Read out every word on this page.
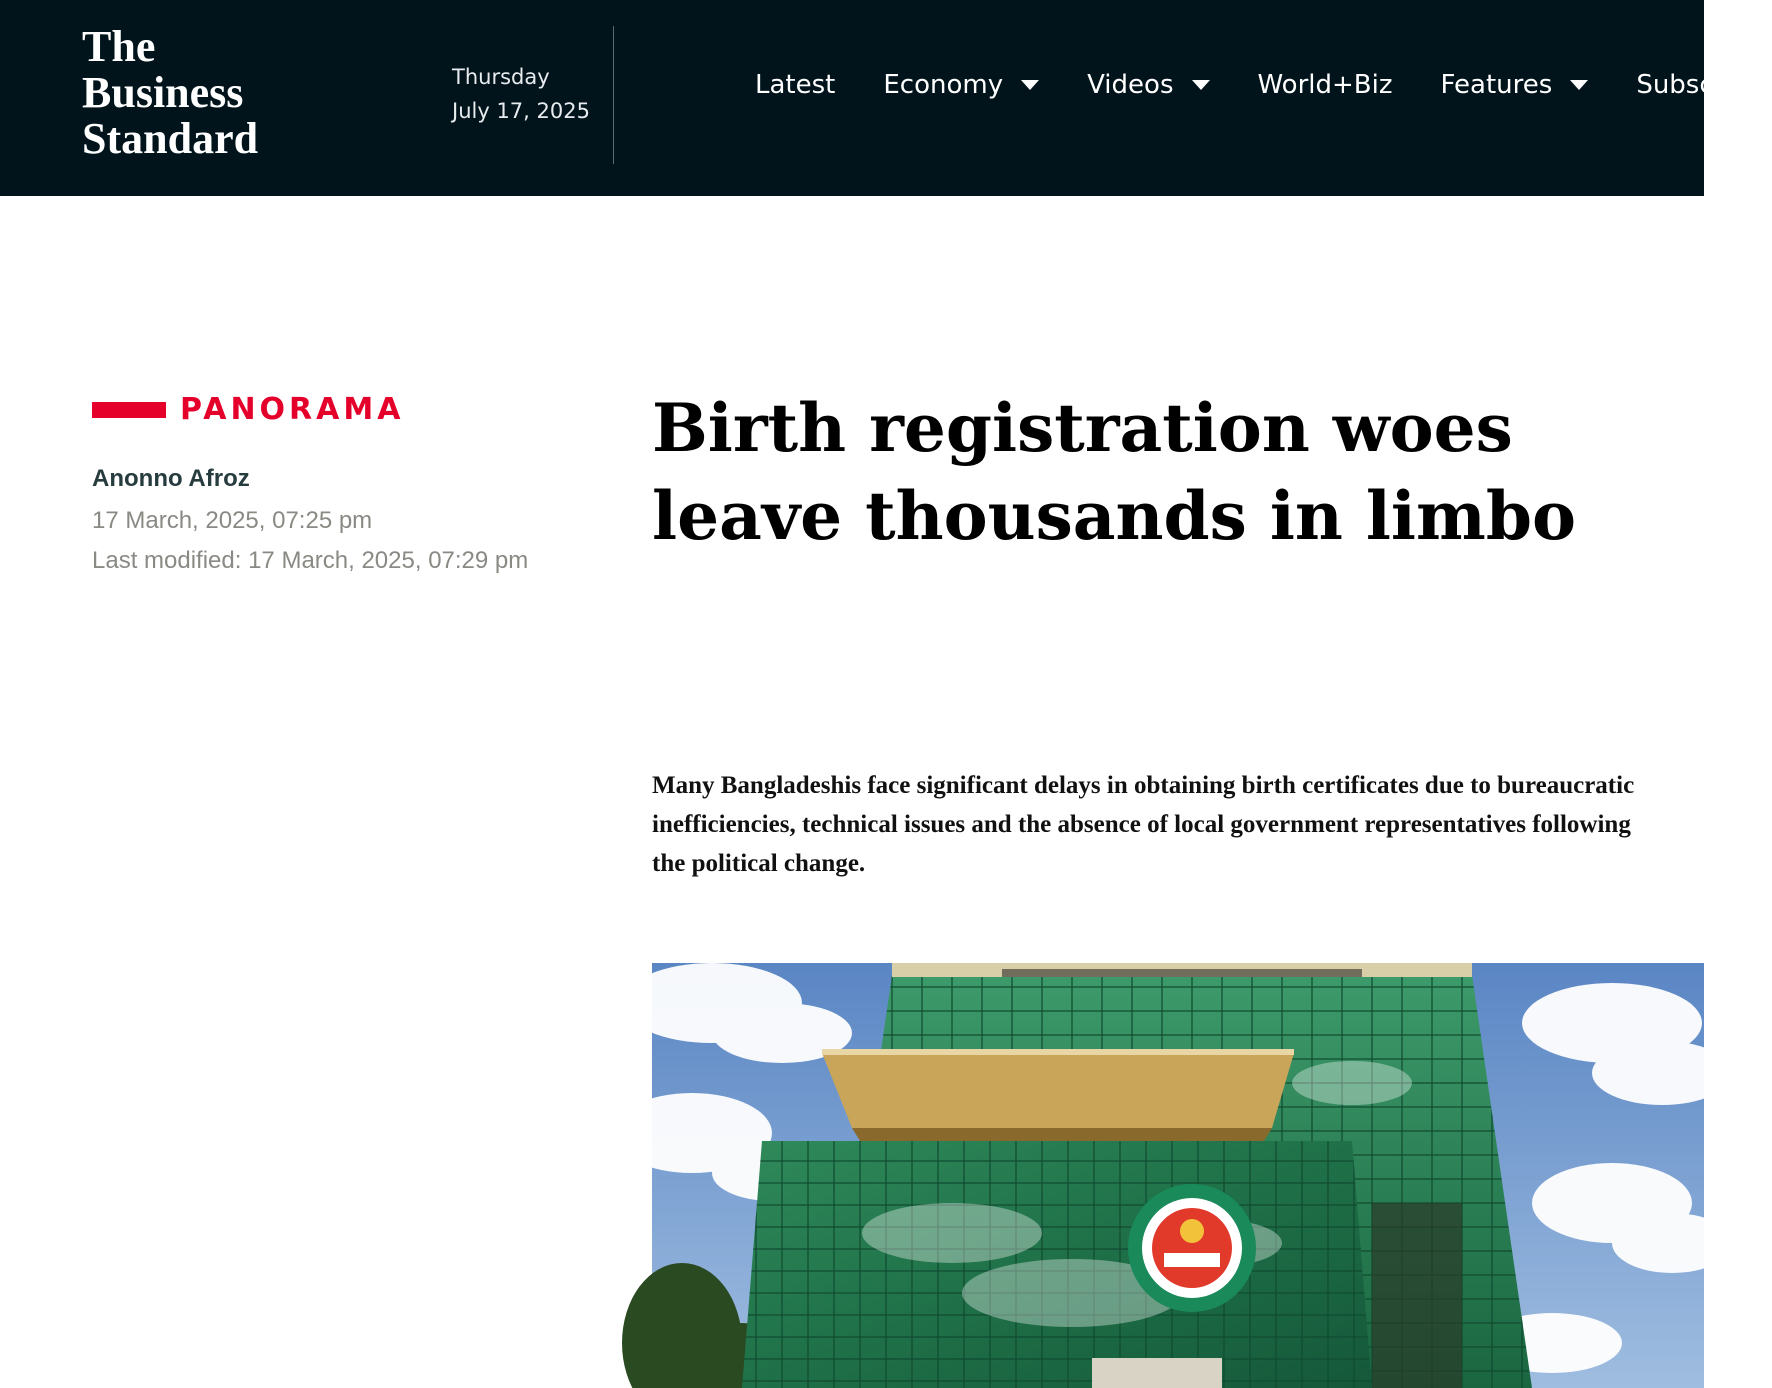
The
Business
Standard
Thursday
July 17, 2025
Latest Economy	Videos	World+Biz Features	Subscr
PANORAMA
Anonno Afroz
17 March, 2025, 07:25 pm
Last modified: 17 March, 2025, 07:29 pm
Birth registration woes leave thousands in limbo

Many Bangladeshis face significant delays in obtaining birth certificates due to bureaucratic inefficiencies, technical issues and the absence of local government representatives following the political change.
